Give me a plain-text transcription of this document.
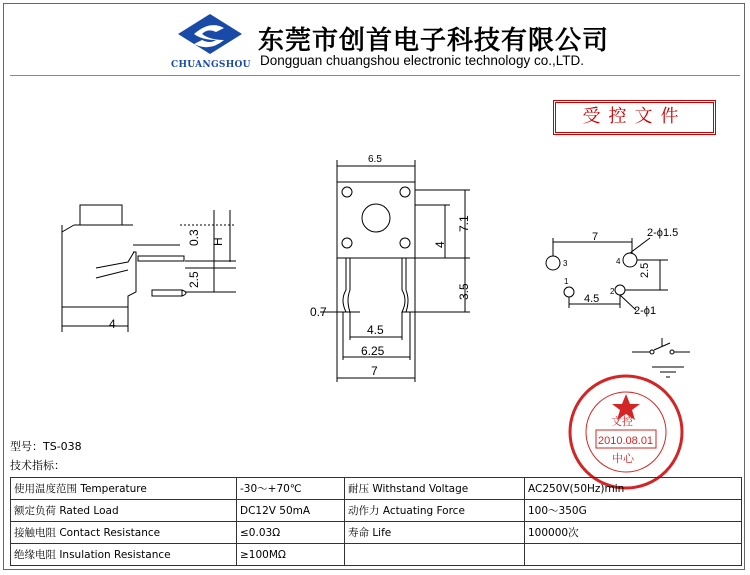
CHUANGSHOU
东莞市创首电子科技有限公司
Dongguan chuangshou electronic technology co.,LTD.
受控文件
4
0.3 H
2.5
6.5
0.7
4.5
6.25
7
7.1
4
3.5
7	2-ϕ1.5
4.5
2-ϕ1
1
2
3	4
2.5
2010.08.01
文控
中心
型号：TS-038
技术指标：
使用温度范围 Temperature	-30～+70℃	耐压 Withstand Voltage	AC250V(50Hz)min
额定负荷 Rated Load	DC12V 50mA	动作力 Actuating Force	100～350G
接触电阻 Contact Resistance	≤0.03Ω	寿命 Life	100000次
绝缘电阻 Insulation Resistance	≥100MΩ		
